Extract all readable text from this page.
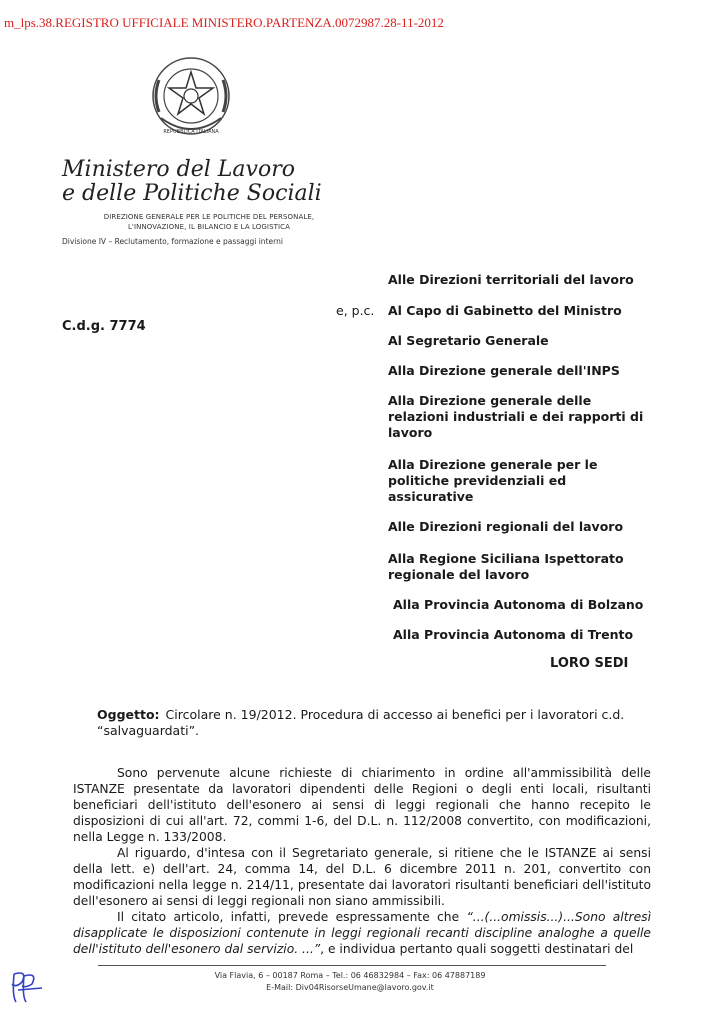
m_lps.38.REGISTRO UFFICIALE MINISTERO.PARTENZA.0072987.28-11-2012
REPUBBLICA ITALIANA
Ministero del Lavoro
e delle Politiche Sociali
DIREZIONE GENERALE PER LE POLITICHE DEL PERSONALE,
L'INNOVAZIONE, IL BILANCIO E LA LOGISTICA
Divisione IV – Reclutamento, formazione e passaggi interni
C.d.g. 7774
e, p.c.
Alle Direzioni territoriali del lavoro
Al Capo di Gabinetto del Ministro
Al Segretario Generale
Alla Direzione generale dell'INPS
Alla Direzione generale delle relazioni industriali e dei rapporti di lavoro
Alla Direzione generale per le politiche previdenziali ed assicurative
Alle Direzioni regionali del lavoro
Alla Regione Siciliana Ispettorato regionale del lavoro
Alla Provincia Autonoma di Bolzano
Alla Provincia Autonoma di Trento
LORO SEDI
Oggetto: Circolare n. 19/2012. Procedura di accesso ai benefici per i lavoratori c.d. “salvaguardati”.

Sono pervenute alcune richieste di chiarimento in ordine all'ammissibilità delle ISTANZE presentate da lavoratori dipendenti delle Regioni o degli enti locali, risultanti beneficiari dell'istituto dell'esonero ai sensi di leggi regionali che hanno recepito le disposizioni di cui all'art. 72, commi 1-6, del D.L. n. 112/2008 convertito, con modificazioni, nella Legge n. 133/2008.

Al riguardo, d'intesa con il Segretariato generale, si ritiene che le ISTANZE ai sensi della lett. e) dell'art. 24, comma 14, del D.L. 6 dicembre 2011 n. 201, convertito con modificazioni nella legge n. 214/11, presentate dai lavoratori risultanti beneficiari dell'istituto dell'esonero ai sensi di leggi regionali non siano ammissibili.

Il citato articolo, infatti, prevede espressamente che “...(...omissis...)...Sono altresì disapplicate le disposizioni contenute in leggi regionali recanti discipline analoghe a quelle dell'istituto dell'esonero dal servizio. ...”, e individua pertanto quali soggetti destinatari del

Via Flavia, 6 – 00187 Roma – Tel.: 06 46832984 – Fax: 06 47887189
E-Mail: Div04RisorseUmane@lavoro.gov.it
